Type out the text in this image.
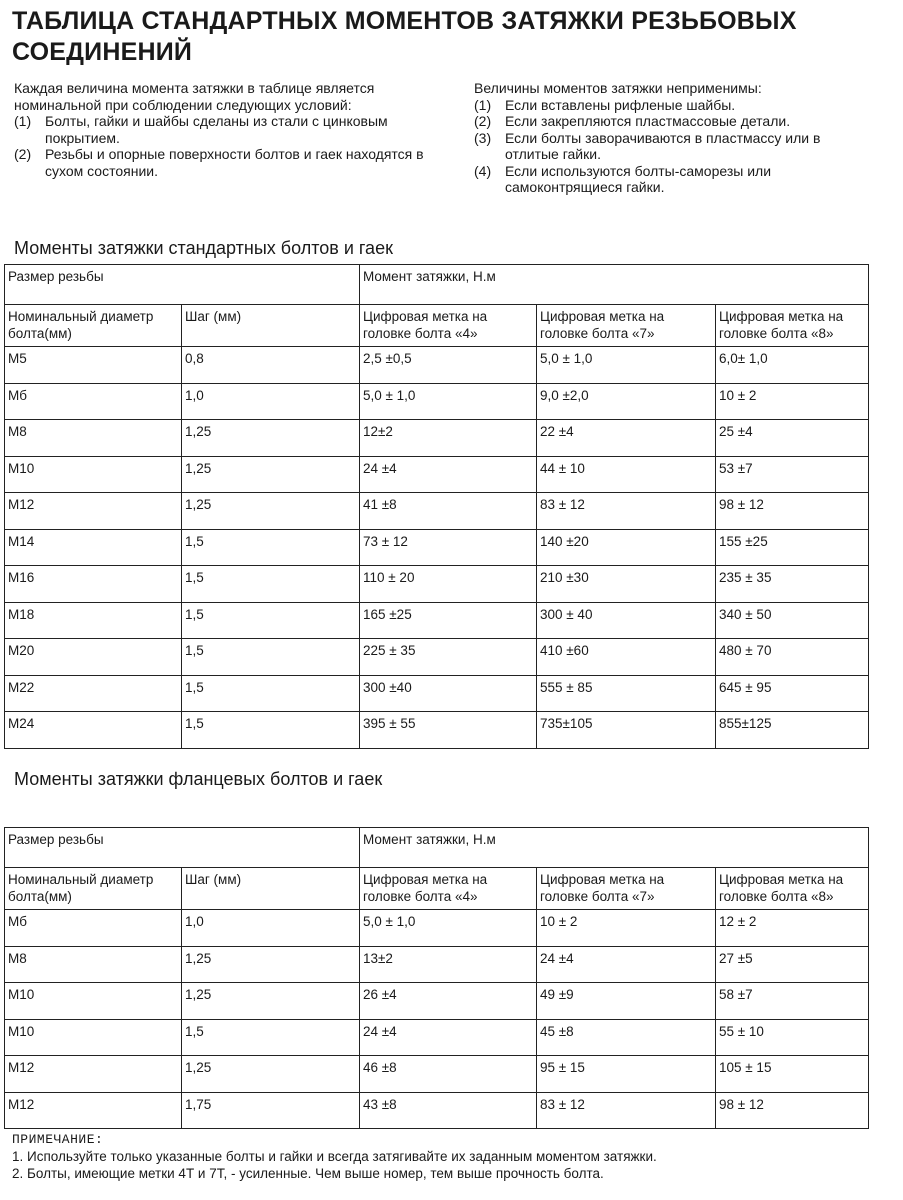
ТАБЛИЦА СТАНДАРТНЫХ МОМЕНТОВ ЗАТЯЖКИ РЕЗЬБОВЫХ СОЕДИНЕНИЙ
Каждая величина момента затяжки в таблице является номинальной при соблюдении следующих условий:
(1) Болты, гайки и шайбы сделаны из стали с цинковым покрытием.
(2) Резьбы и опорные поверхности болтов и гаек находятся в сухом состоянии.
Величины моментов затяжки неприменимы:
(1) Если вставлены рифленые шайбы.
(2) Если закрепляются пластмассовые детали.
(3) Если болты заворачиваются в пластмассу или в отлитые гайки.
(4) Если используются болты-саморезы или самоконтрящиеся гайки.
Моменты затяжки стандартных болтов и гаек
Размер резьбы		Момент затяжки, Н.м		
Номинальный диаметр болта(мм)	Шаг (мм)	Цифровая метка на головке болта «4»	Цифровая метка на головке болта «7»	Цифровая метка на головке болта «8»
M5	0,8	2,5 ±0,5	5,0 ± 1,0	6,0± 1,0
Мб	1,0	5,0 ± 1,0	9,0 ±2,0	10 ± 2
M8	1,25	12±2	22 ±4	25 ±4
M10	1,25	24 ±4	44 ± 10	53 ±7
M12	1,25	41 ±8	83 ± 12	98 ± 12
M14	1,5	73 ± 12	140 ±20	155 ±25
M16	1,5	110 ± 20	210 ±30	235 ± 35
M18	1,5	165 ±25	300 ± 40	340 ± 50
M20	1,5	225 ± 35	410 ±60	480 ± 70
M22	1,5	300 ±40	555 ± 85	645 ± 95
M24	1,5	395 ± 55	735±105	855±125
Моменты затяжки фланцевых болтов и гаек
Размер резьбы		Момент затяжки, Н.м		
Номинальный диаметр болта(мм)	Шаг (мм)	Цифровая метка на головке болта «4»	Цифровая метка на головке болта «7»	Цифровая метка на головке болта «8»
Мб	1,0	5,0 ± 1,0	10 ± 2	12 ± 2
M8	1,25	13±2	24 ±4	27 ±5
M10	1,25	26 ±4	49 ±9	58 ±7
M10	1,5	24 ±4	45 ±8	55 ± 10
M12	1,25	46 ±8	95 ± 15	105 ± 15
M12	1,75	43 ±8	83 ± 12	98 ± 12
ПРИМЕЧАНИЕ:
1. Используйте только указанные болты и гайки и всегда затягивайте их заданным моментом затяжки.
2. Болты, имеющие метки 4Т и 7Т, - усиленные. Чем выше номер, тем выше прочность болта.
